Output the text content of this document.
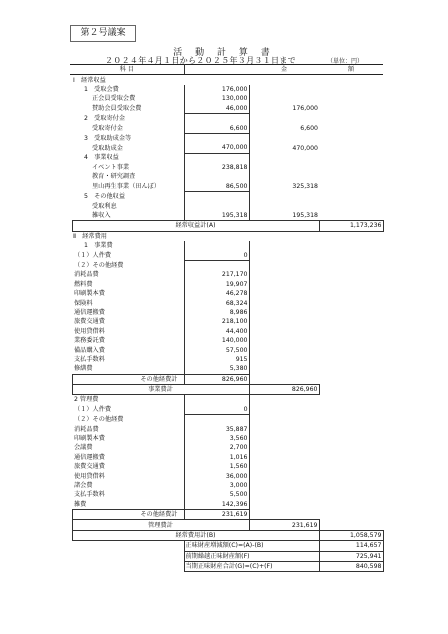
第２号議案
活 動 計 算 書
２０２４年４月１日から２０２５年３月３１日まで	（単位：円）
科 目			金	額
Ⅰ　経常収益				
1　受取会費		176,000		
正会員受取会費		130,000		
賛助会員受取会費		46,000	176,000	
2　受取寄付金				
受取寄付金		6,600	6,600	
3　受取助成金等				
受取助成金		470,000	470,000	
4　事業収益				
イベント事業		238,818		
教育・研究調査				
里山再生事業（田んぼ）		86,500	325,318	
5　その他収益				
受取利息				
雑収入		195,318	195,318	
	経常収益計(A)			1,173,236
Ⅱ　経常費用				
1　事業費				
（１）人件費		0		
（２）その他経費				
消耗品費		217,170		
燃料費		19,907		
印刷製本費		46,278		
保険料		68,324		
通信運搬費		8,986		
旅費交通費		218,100		
使用貸借料		44,400		
業務委託費		140,000		
備品購入費		57,500		
支払手数料		915		
修繕費		5,380		
	その他経費計	826,960		
	事業費計		826,960	
2 管理費				
（１）人件費		0		
（２）その他経費				
消耗品費		35,887		
印刷製本費		3,560		
会議費		2,700		
通信運搬費		1,016		
旅費交通費		1,560		
使用貸借料		36,000		
諸会費		3,000		
支払手数料		5,500		
雑費		142,396		
	その他経費計	231,619		
	管理費計		231,619	
	経常費用計(B)			1,058,579
		正味財産増減額(C)=(A)-(B)		114,657
		前期繰越正味財産額(F)		725,941
		当期正味財産合計(G)=(C)+(F)		840,598
